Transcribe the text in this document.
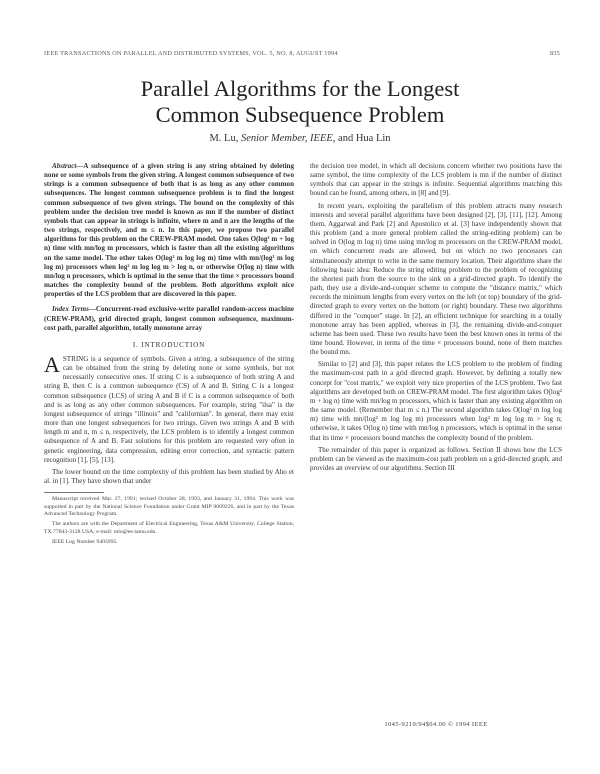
IEEE TRANSACTIONS ON PARALLEL AND DISTRIBUTED SYSTEMS, VOL. 5, NO. 8, AUGUST 1994	835
Parallel Algorithms for the Longest
Common Subsequence Problem
M. Lu, Senior Member, IEEE, and Hua Lin

Abstract—A subsequence of a given string is any string obtained by deleting none or some symbols from the given string. A longest common subsequence of two strings is a common subsequence of both that is as long as any other common subsequences. The longest common subsequence problem is to find the longest common subsequence of two given strings. The bound on the complexity of this problem under the decision tree model is known as mn if the number of distinct symbols that can appear in strings is infinite, where m and n are the lengths of the two strings, respectively, and m ≤ n. In this paper, we propose two parallel algorithms for this problem on the CREW-PRAM model. One takes O(log² m + log n) time with mn/log m processors, which is faster than all the existing algorithms on the same model. The other takes O(log² m log log m) time with mn/(log² m log log m) processors when log² m log log m > log n, or otherwise O(log n) time with mn/log n processors, which is optimal in the sense that the time × processors bound matches the complexity bound of the problem. Both algorithms exploit nice properties of the LCS problem that are discovered in this paper.

Index Terms—Concurrent-read exclusive-write parallel random-access machine (CREW-PRAM), grid directed graph, longest common subsequence, maximum-cost path, parallel algorithm, totally monotone array

I. INTRODUCTION

ASTRING is a sequence of symbols. Given a string, a subsequence of the string can be obtained from the string by deleting none or some symbols, but not necessarily consecutive ones. If string C is a subsequence of both string A and string B, then C is a common subsequence (CS) of A and B. String C is a longest common subsequence (LCS) of string A and B if C is a common subsequence of both and is as long as any other common subsequences. For example, string "ilsa" is the longest subsequence of strings "illinois" and "californian". In general, there may exist more than one longest subsequences for two strings. Given two strings A and B with length m and n, m ≤ n, respectively, the LCS problem is to identify a longest common subsequence of A and B. Fast solutions for this problem are requested very often in genetic engineering, data compression, editing error correction, and syntactic pattern recognition [1], [5], [13].

The lower bound on the time complexity of this problem has been studied by Aho et al. in [1]. They have shown that under

Manuscript received Mar. 27, 1991; revised October 28, 1993, and January 31, 1994. This work was supported in part by the National Science Foundation under Grant MIP 9009226, and in part by the Texas Advanced Technology Program.

The authors are with the Department of Electrical Engineering, Texas A&M University, College Station, TX 77843-3128 USA; e-mail: mlu@ee.tamu.edu.

IEEE Log Number 9403995.

the decision tree model, in which all decisions concern whether two positions have the same symbol, the time complexity of the LCS problem is mn if the number of distinct symbols that can appear in the strings is infinite. Sequential algorithms matching this bound can be found, among others, in [8] and [9].

In recent years, exploiting the parallelism of this problem attracts many research interests and several parallel algorithms have been designed [2], [3], [11], [12]. Among them, Aggarwal and Park [2] and Apostolico et al. [3] have independently shown that this problem (and a more general problem called the string-editing problem) can be solved in O(log m log n) time using mn/log m processors on the CREW-PRAM model, on which concurrent reads are allowed, but on which no two processors can simultaneously attempt to write in the same memory location. Their algorithms share the following basic idea: Reduce the string editing problem to the problem of recognizing the shortest path from the source to the sink on a grid-directed graph. To identify the path, they use a divide-and-conquer scheme to compute the "distance matrix," which records the minimum lengths from every vertex on the left (or top) boundary of the grid-directed graph to every vertex on the bottom (or right) boundary. These two algorithms differed in the "conquer" stage. In [2], an efficient technique for searching in a totally monotone array has been applied, whereas in [3], the remaining divide-and-conquer scheme has been used. These two results have been the best known ones in terms of the time bound. However, in terms of the time × processors bound, none of them matches the bound mn.

Similar to [2] and [3], this paper relates the LCS problem to the problem of finding the maximum-cost path in a grid directed graph. However, by defining a totally new concept for "cost matrix," we exploit very nice properties of the LCS problem. Two fast algorithms are developed both on CREW-PRAM model. The first algorithm takes O(log² m + log n) time with mn/log m processors, which is faster than any existing algorithm on the same model. (Remember that m ≤ n.) The second algorithm takes O(log² m log log m) time with mn/(log² m log log m) processors when log² m log log m > log n; otherwise, it takes O(log n) time with mn/log n processors, which is optimal in the sense that its time × processors bound matches the complexity bound of the problem.

The remainder of this paper is organized as follows. Section II shows how the LCS problem can be viewed as the maximum-cost path problem on a grid-directed graph, and provides an overview of our algorithms. Section III

1045-9219/94$04.00 © 1994 IEEE
